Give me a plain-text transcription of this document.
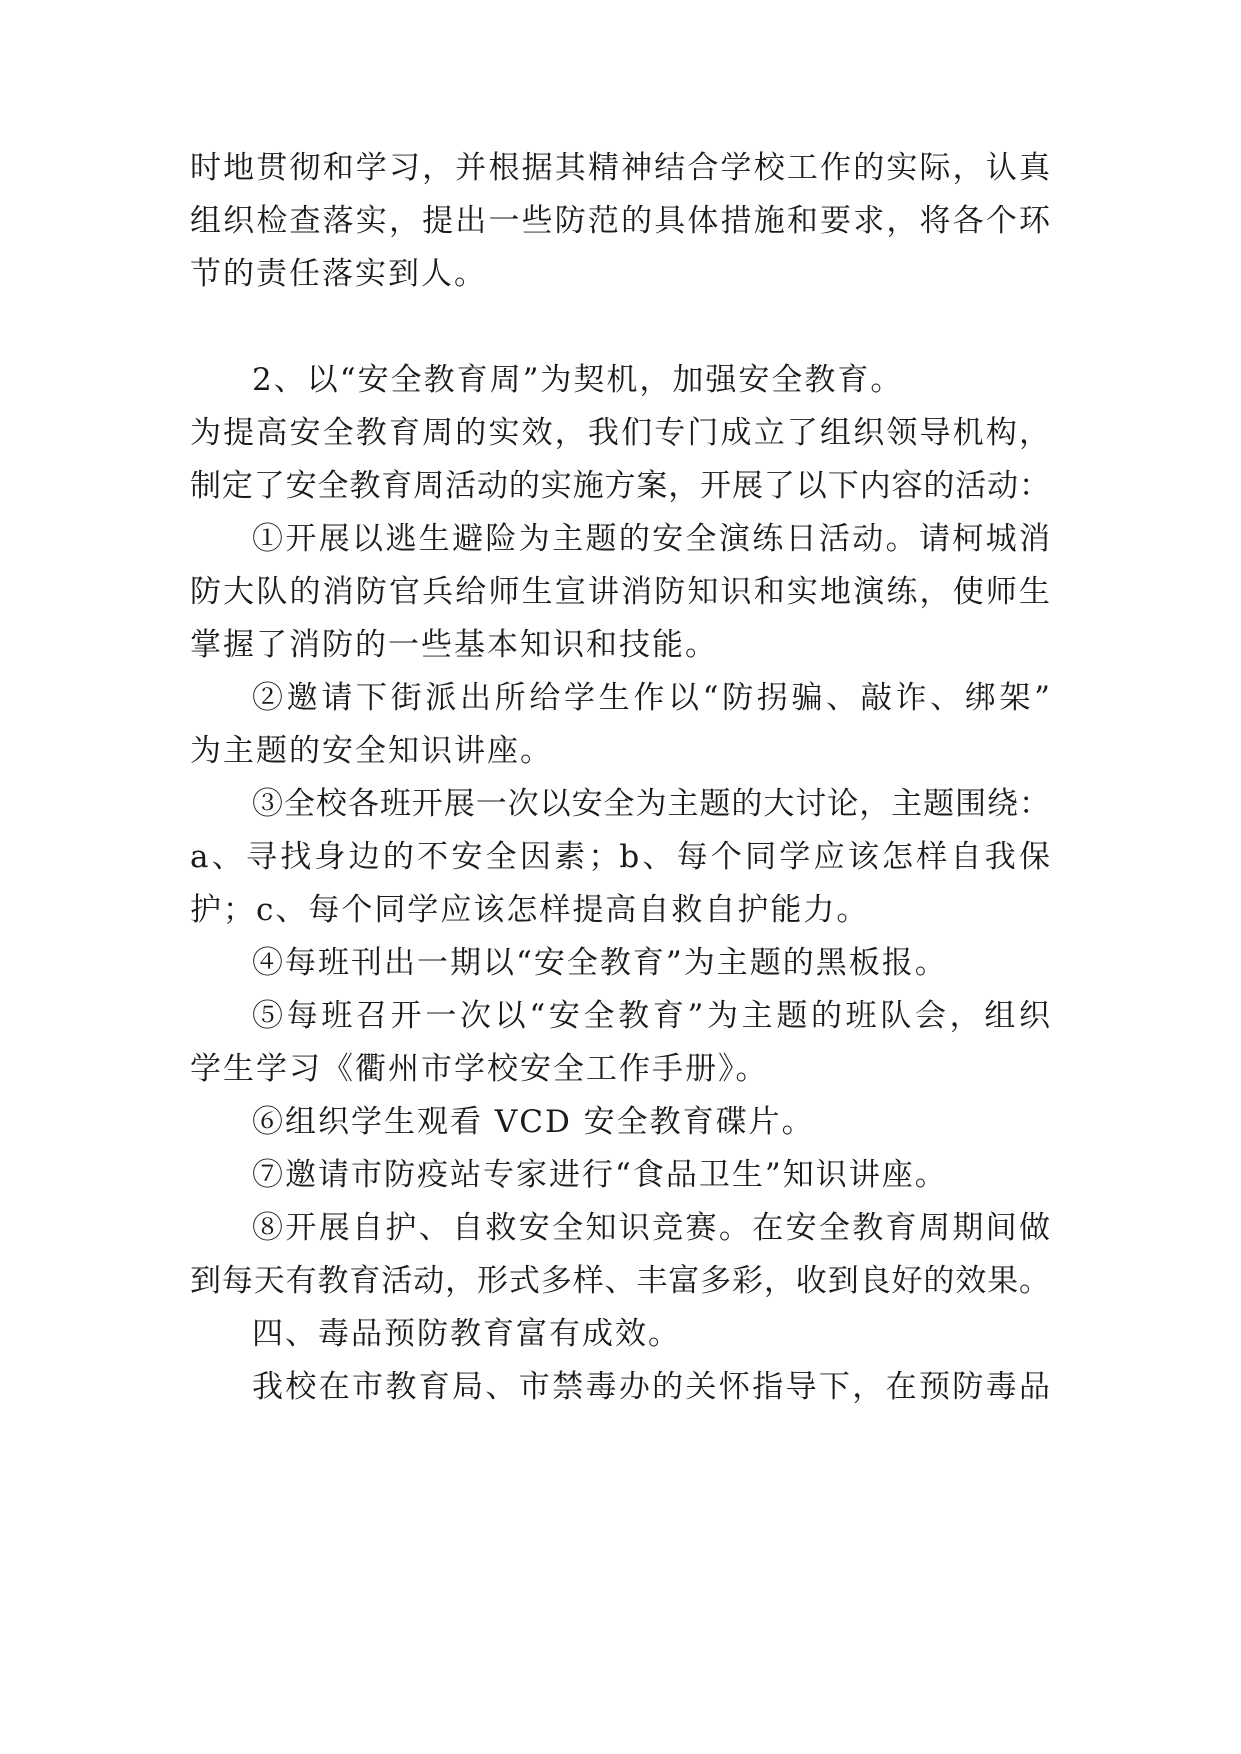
时地贯彻和学习，并根据其精神结合学校工作的实际，认真
组织检查落实，提出一些防范的具体措施和要求，将各个环
节的责任落实到人。
2、以“安全教育周”为契机，加强安全教育。
为提高安全教育周的实效，我们专门成立了组织领导机构，
制定了安全教育周活动的实施方案，开展了以下内容的活动：
①开展以逃生避险为主题的安全演练日活动。请柯城消
防大队的消防官兵给师生宣讲消防知识和实地演练，使师生
掌握了消防的一些基本知识和技能。
②邀请下街派出所给学生作以“防拐骗、敲诈、绑架”
为主题的安全知识讲座。
③全校各班开展一次以安全为主题的大讨论，主题围绕：
a、寻找身边的不安全因素；b、每个同学应该怎样自我保
护；c、每个同学应该怎样提高自救自护能力。
④每班刊出一期以“安全教育”为主题的黑板报。
⑤每班召开一次以“安全教育”为主题的班队会，组织
学生学习《衢州市学校安全工作手册》。
⑥组织学生观看 VCD 安全教育碟片。
⑦邀请市防疫站专家进行“食品卫生”知识讲座。
⑧开展自护、自救安全知识竞赛。在安全教育周期间做
到每天有教育活动，形式多样、丰富多彩，收到良好的效果。
四、毒品预防教育富有成效。
我校在市教育局、市禁毒办的关怀指导下，在预防毒品
